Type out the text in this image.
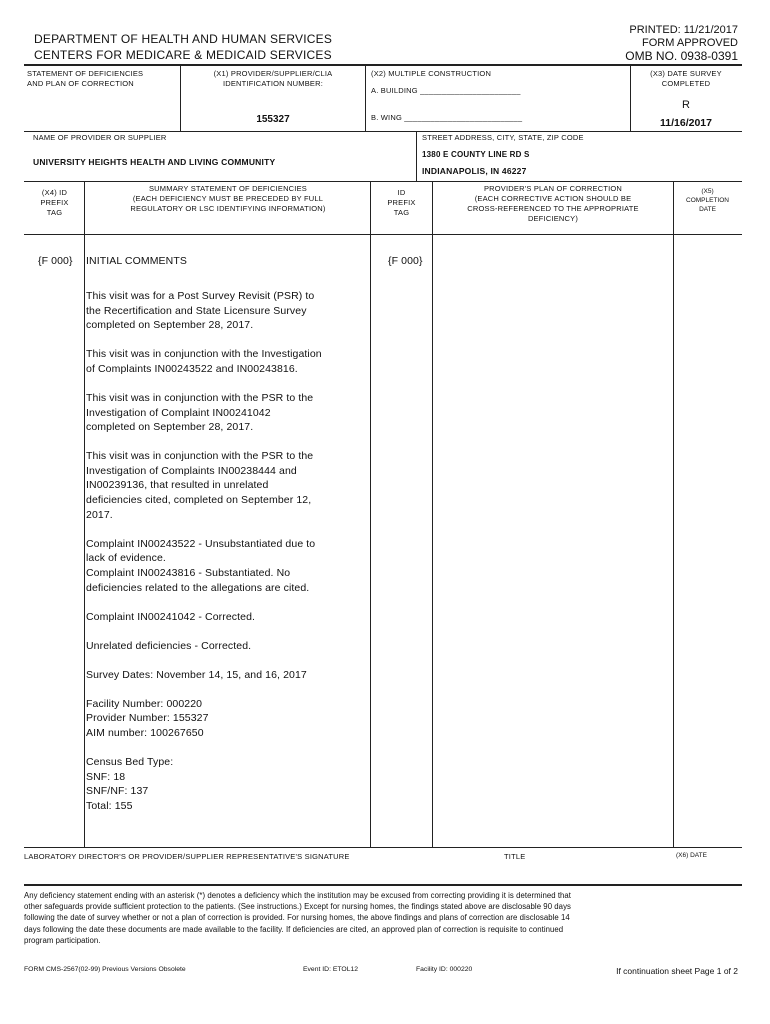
DEPARTMENT OF HEALTH AND HUMAN SERVICES
CENTERS FOR MEDICARE & MEDICAID SERVICES
PRINTED: 11/21/2017
FORM APPROVED
OMB NO. 0938-0391
STATEMENT OF DEFICIENCIES
AND PLAN OF CORRECTION
(X1) PROVIDER/SUPPLIER/CLIA
IDENTIFICATION NUMBER:
155327
(X2) MULTIPLE CONSTRUCTION
A. BUILDING _______________________
B. WING ___________________________
(X3) DATE SURVEY
COMPLETED
R
11/16/2017
NAME OF PROVIDER OR SUPPLIER
UNIVERSITY HEIGHTS HEALTH AND LIVING COMMUNITY
STREET ADDRESS, CITY, STATE, ZIP CODE
1380 E COUNTY LINE RD S
INDIANAPOLIS, IN 46227
(X4) ID
PREFIX
TAG
SUMMARY STATEMENT OF DEFICIENCIES
(EACH DEFICIENCY MUST BE PRECEDED BY FULL
REGULATORY OR LSC IDENTIFYING INFORMATION)
ID
PREFIX
TAG
PROVIDER'S PLAN OF CORRECTION
(EACH CORRECTIVE ACTION SHOULD BE
CROSS-REFERENCED TO THE APPROPRIATE
DEFICIENCY)
(X5)
COMPLETION
DATE
{F 000}	{F 000}
INITIAL COMMENTS

This visit was for a Post Survey Revisit (PSR) to
the Recertification and State Licensure Survey
completed on September 28, 2017.

This visit was in conjunction with the Investigation
of Complaints IN00243522 and IN00243816.

This visit was in conjunction with the PSR to the
Investigation of Complaint IN00241042
completed on September 28, 2017.

This visit was in conjunction with the PSR to the
Investigation of Complaints IN00238444 and
IN00239136, that resulted in unrelated
deficiencies cited, completed on September 12,
2017.

Complaint IN00243522 - Unsubstantiated due to
lack of evidence.
Complaint IN00243816 - Substantiated. No
deficiencies related to the allegations are cited.

Complaint IN00241042 - Corrected.

Unrelated deficiencies - Corrected.

Survey Dates: November 14, 15, and 16, 2017

Facility Number: 000220
Provider Number: 155327
AIM number: 100267650

Census Bed Type:
SNF: 18
SNF/NF: 137
Total: 155

LABORATORY DIRECTOR'S OR PROVIDER/SUPPLIER REPRESENTATIVE'S SIGNATURE	TITLE	(X6) DATE
Any deficiency statement ending with an asterisk (*) denotes a deficiency which the institution may be excused from correcting providing it is determined that
other safeguards provide sufficient protection to the patients. (See instructions.) Except for nursing homes, the findings stated above are disclosable 90 days
following the date of survey whether or not a plan of correction is provided. For nursing homes, the above findings and plans of correction are disclosable 14
days following the date these documents are made available to the facility. If deficiencies are cited, an approved plan of correction is requisite to continued
program participation.
FORM CMS-2567(02-99) Previous Versions Obsolete	Event ID: ETOL12	Facility ID: 000220	If continuation sheet Page 1 of 2
